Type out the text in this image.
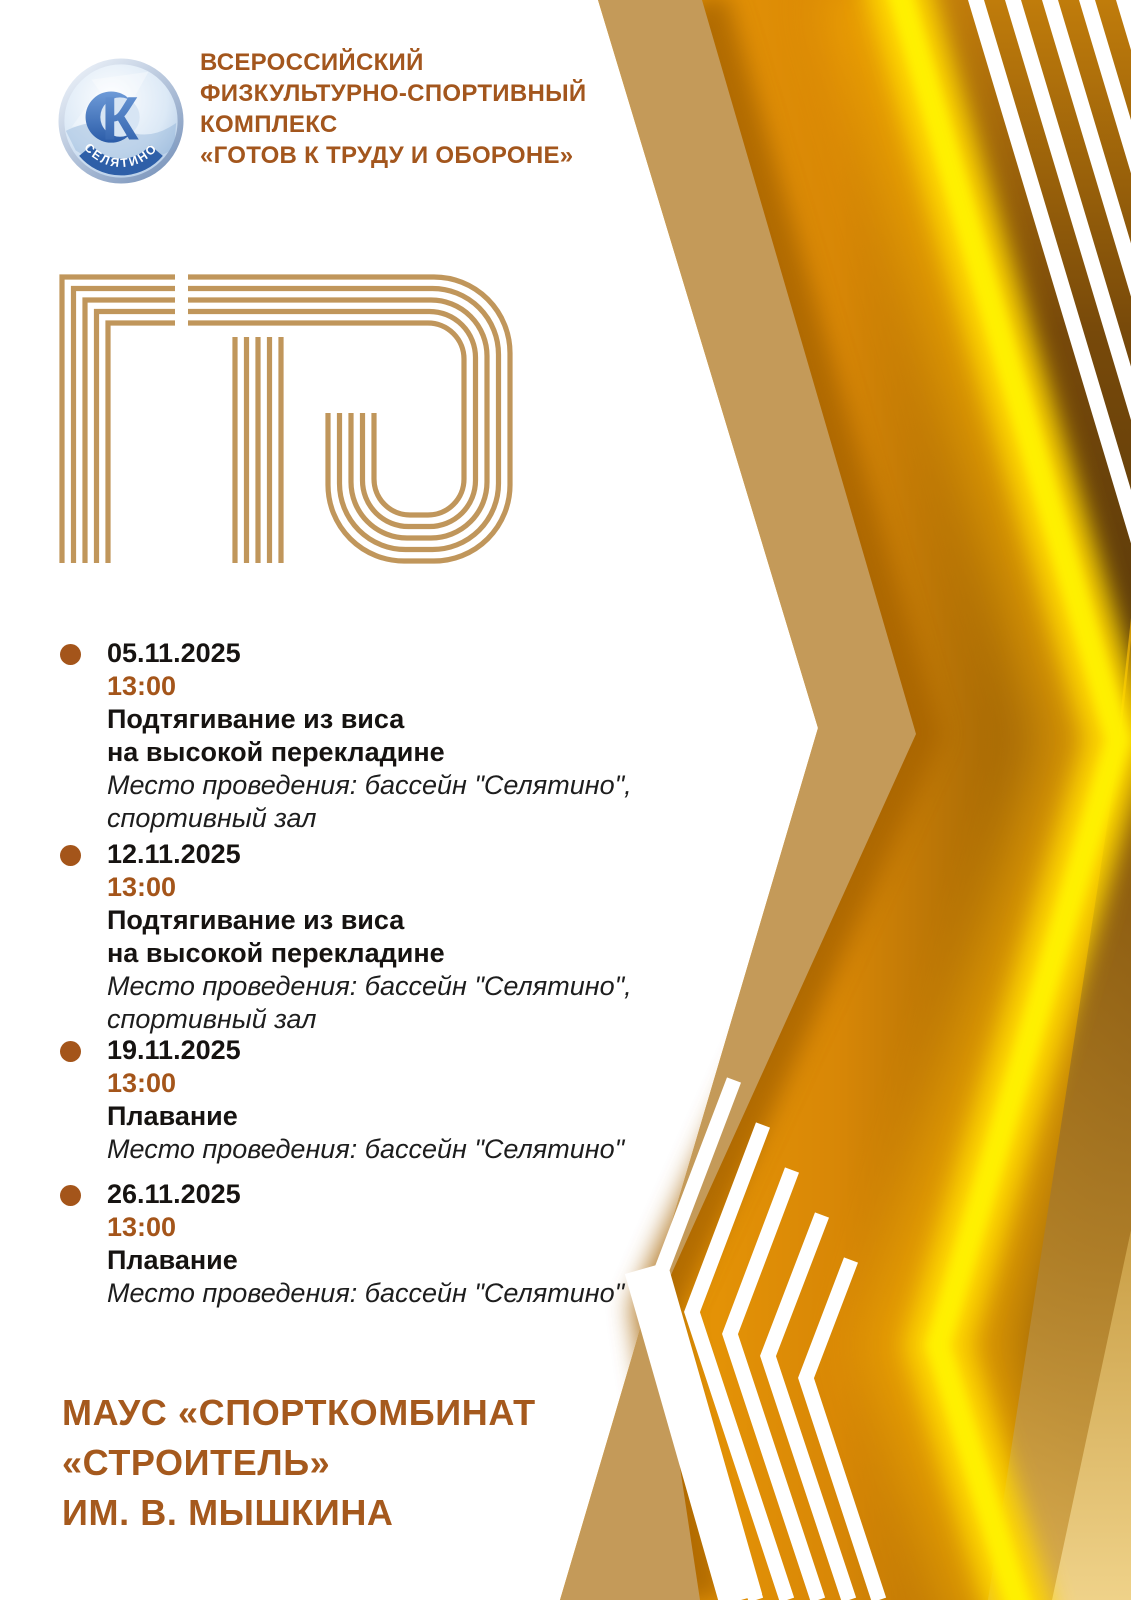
К
СЕЛЯТИНО
ВСЕРОССИЙСКИЙ
ФИЗКУЛЬТУРНО-СПОРТИВНЫЙ
КОМПЛЕКС
«ГОТОВ К ТРУДУ И ОБОРОНЕ»
05.11.2025
13:00
Подтягивание из виса
на высокой перекладине
Место проведения: бассейн "Селятино",
спортивный зал
12.11.2025
13:00
Подтягивание из виса
на высокой перекладине
Место проведения: бассейн "Селятино",
спортивный зал
19.11.2025
13:00
Плавание
Место проведения: бассейн "Селятино"
26.11.2025
13:00
Плавание
Место проведения: бассейн "Селятино"
МАУС «СПОРТКОМБИНАТ
«СТРОИТЕЛЬ»
ИМ. В. МЫШКИНА
